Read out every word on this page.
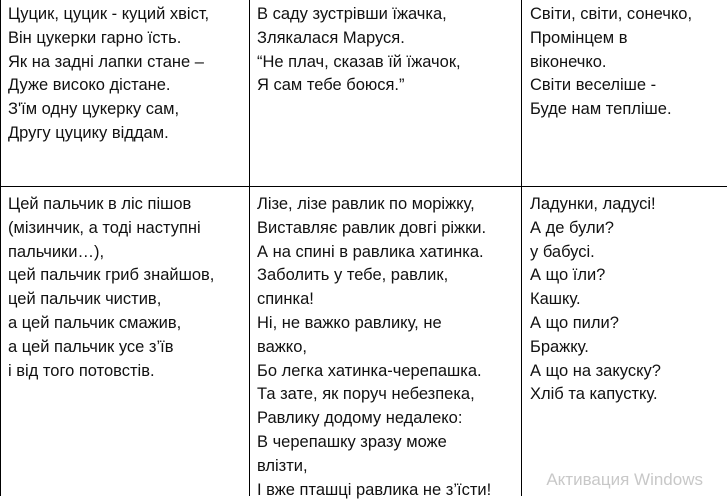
Цуцик, цуцик - куций хвіст,
Він цукерки гарно їсть.
Як на задні лапки стане –
Дуже високо дістане.
З'їм одну цукерку сам,
Другу цуцику віддам.
В саду зустрівши їжачка,
Злякалася Маруся.
“Не плач, сказав їй їжачок,
Я сам тебе боюся.”
Світи, світи, сонечко,
Промінцем в
віконечко.
Світи веселіше -
Буде нам тепліше.
Цей пальчик в ліс пішов
(мізинчик, а тоді наступні
пальчики…),
цей пальчик гриб знайшов,
цей пальчик чистив,
а цей пальчик смажив,
а цей пальчик усе з’їв
і від того потовстів.
Лізе, лізе равлик по моріжку,
Виставляє равлик довгі ріжки.
А на спині в равлика хатинка.
Заболить у тебе, равлик,
спинка!
Ні, не важко равлику, не
важко,
Бо легка хатинка-черепашка.
Та зате, як поруч небезпека,
Равлику додому недалеко:
В черепашку зразу може
влізти,
І вже пташці равлика не з’їсти!
Ладунки, ладусі!
А де були?
у бабусі.
А що їли?
Кашку.
А що пили?
Бражку.
А що на закуску?
Хліб та капустку.
Активация Windows
